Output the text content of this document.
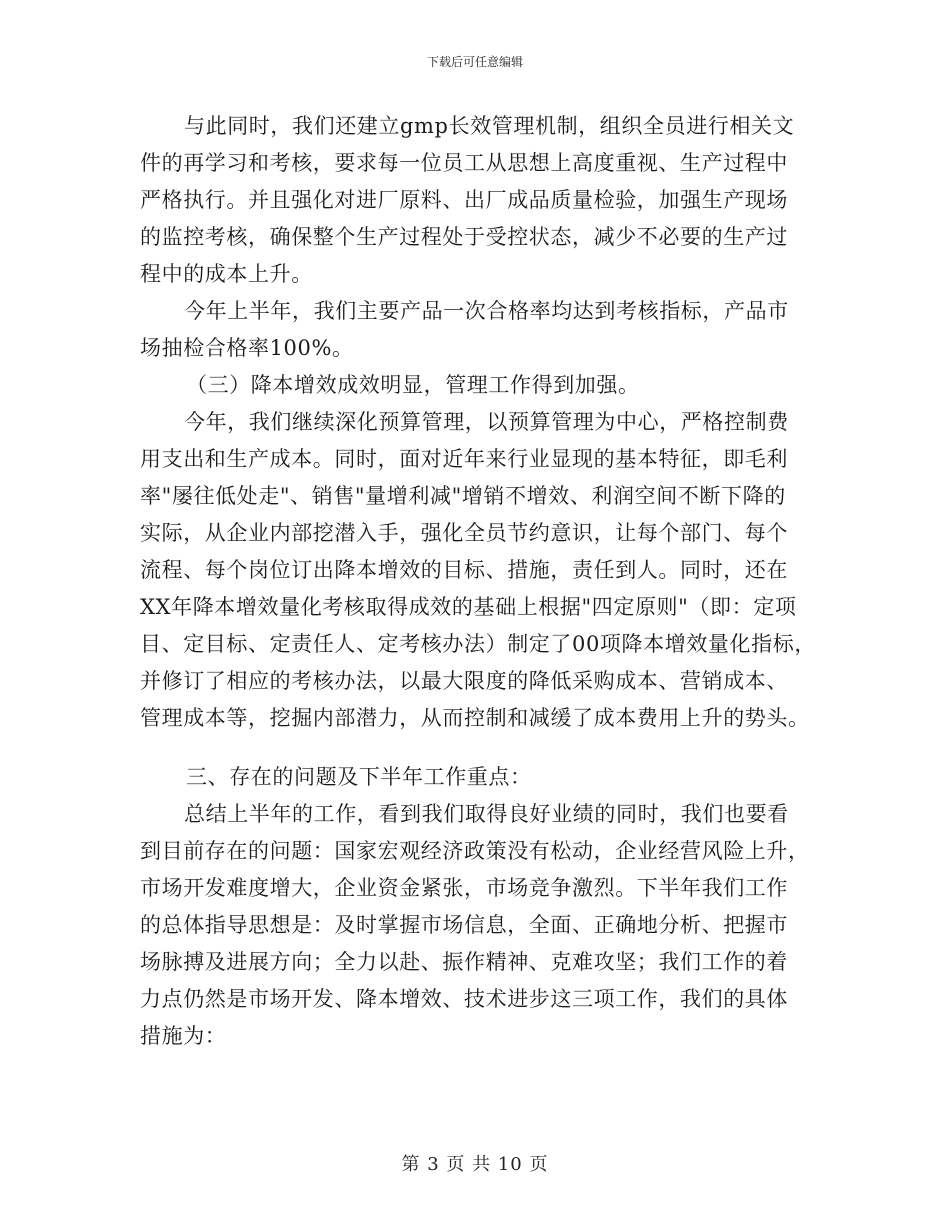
下载后可任意编辑
与此同时，我们还建立gmp长效管理机制，组织全员进行相关文
件的再学习和考核，要求每一位员工从思想上高度重视、生产过程中
严格执行。并且强化对进厂原料、出厂成品质量检验，加强生产现场
的监控考核，确保整个生产过程处于受控状态，减少不必要的生产过
程中的成本上升。
今年上半年，我们主要产品一次合格率均达到考核指标，产品市
场抽检合格率100%。
（三）降本增效成效明显，管理工作得到加强。
今年，我们继续深化预算管理，以预算管理为中心，严格控制费
用支出和生产成本。同时，面对近年来行业显现的基本特征，即毛利
率"屡往低处走"、销售"量增利减"增销不增效、利润空间不断下降的
实际，从企业内部挖潜入手，强化全员节约意识，让每个部门、每个
流程、每个岗位订出降本增效的目标、措施，责任到人。同时，还在
XX年降本增效量化考核取得成效的基础上根据"四定原则"（即：定项
目、定目标、定责任人、定考核办法）制定了00项降本增效量化指标，
并修订了相应的考核办法，以最大限度的降低采购成本、营销成本、
管理成本等，挖掘内部潜力，从而控制和减缓了成本费用上升的势头。
三、存在的问题及下半年工作重点：
总结上半年的工作，看到我们取得良好业绩的同时，我们也要看
到目前存在的问题：国家宏观经济政策没有松动，企业经营风险上升，
市场开发难度增大，企业资金紧张，市场竞争激烈。下半年我们工作
的总体指导思想是：及时掌握市场信息，全面、正确地分析、把握市
场脉搏及进展方向；全力以赴、振作精神、克难攻坚；我们工作的着
力点仍然是市场开发、降本增效、技术进步这三项工作，我们的具体
措施为：
第 3 页 共 10 页
